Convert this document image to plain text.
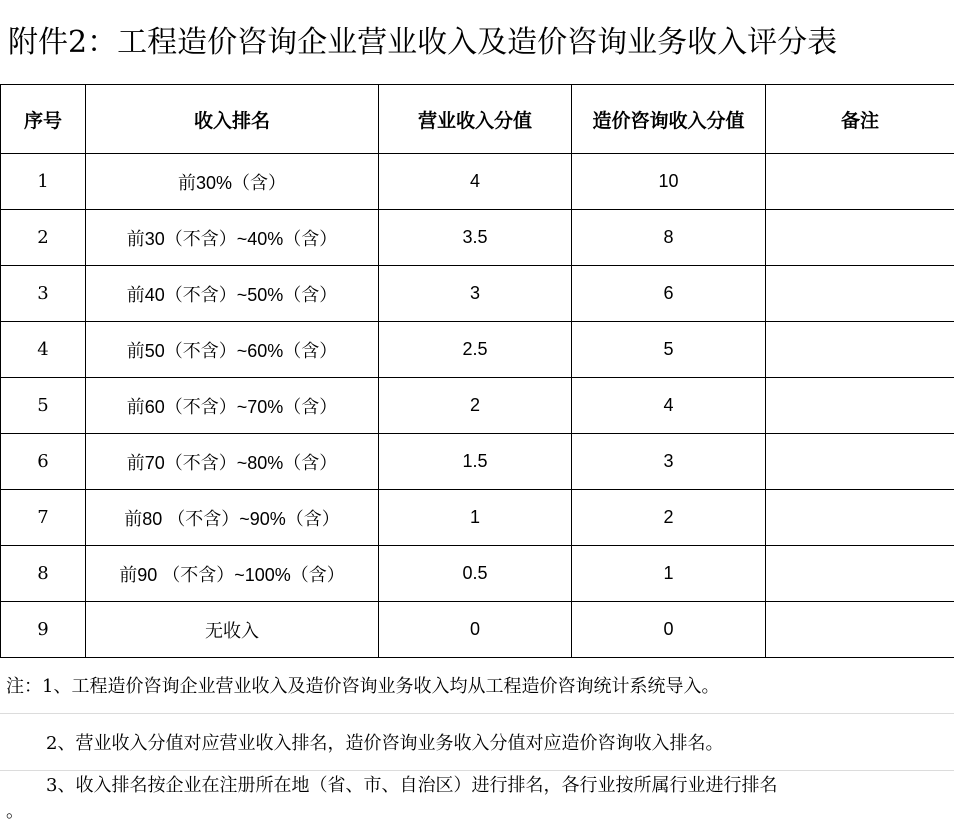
附件2：工程造价咨询企业营业收入及造价咨询业务收入评分表
序号	收入排名	营业收入分值	造价咨询收入分值	备注
1	前30%（含）	4	10	
2	前30（不含）~40%（含）	3.5	8	
3	前40（不含）~50%（含）	3	6	
4	前50（不含）~60%（含）	2.5	5	
5	前60（不含）~70%（含）	2	4	
6	前70（不含）~80%（含）	1.5	3	
7	前80 （不含）~90%（含）	1	2	
8	前90 （不含）~100%（含）	0.5	1	
9	无收入	0	0	
注：1、工程造价咨询企业营业收入及造价咨询业务收入均从工程造价咨询统计系统导入。
2、营业收入分值对应营业收入排名，造价咨询业务收入分值对应造价咨询收入排名。
3、收入排名按企业在注册所在地（省、市、自治区）进行排名，各行业按所属行业进行排名
。
